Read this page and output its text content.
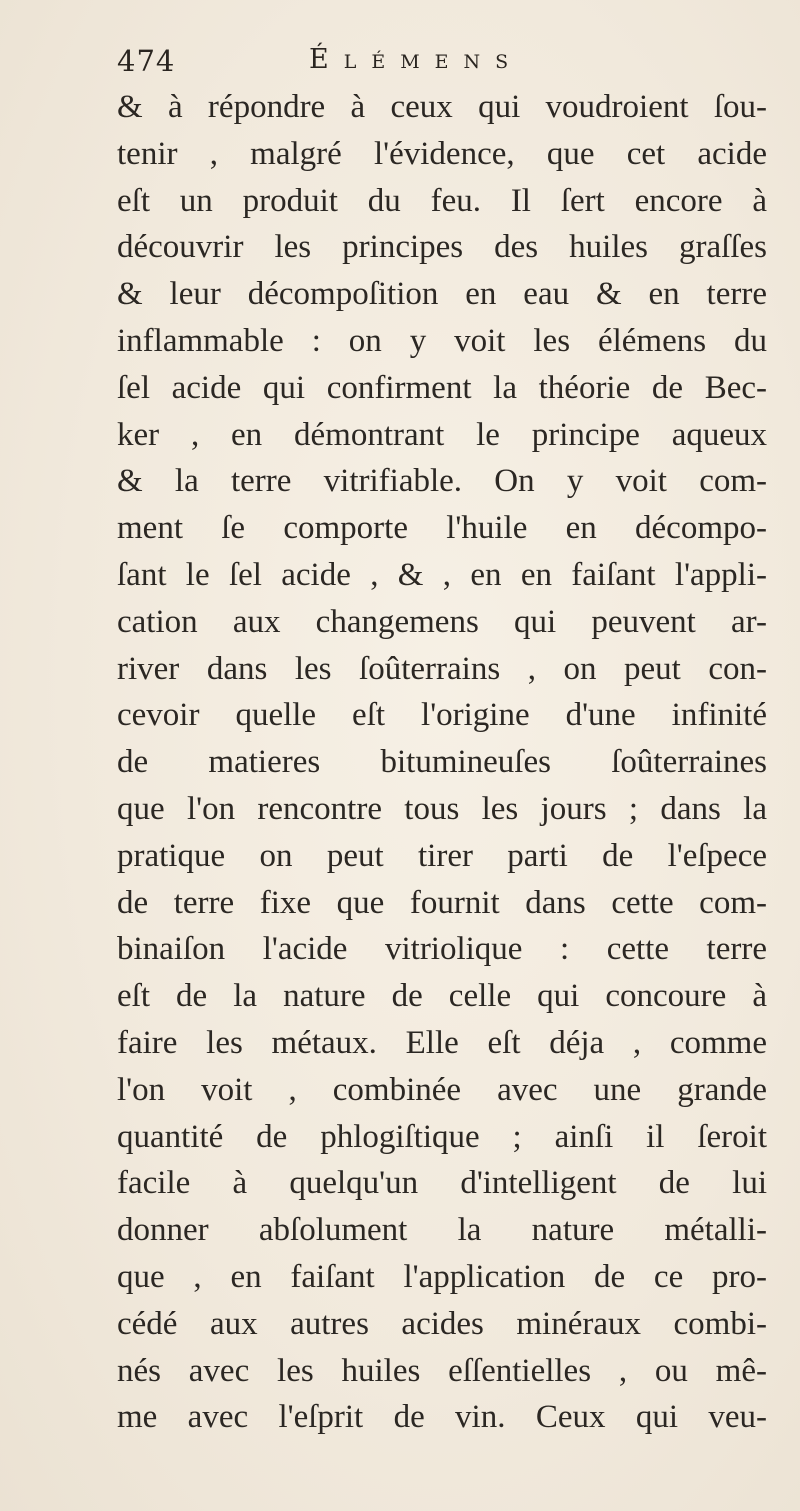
474	Élémens
& à répondre à ceux qui voudroient ſou-
tenir , malgré l'évidence, que cet acide
eſt un produit du feu. Il ſert encore à
découvrir les principes des huiles graſſes
& leur décompoſition en eau & en terre
inflammable : on y voit les élémens du
ſel acide qui confirment la théorie de Bec-
ker , en démontrant le principe aqueux
& la terre vitrifiable. On y voit com-
ment ſe comporte l'huile en décompo-
ſant le ſel acide , & , en en faiſant l'appli-
cation aux changemens qui peuvent ar-
river dans les ſoûterrains , on peut con-
cevoir quelle eſt l'origine d'une infinité
de matieres bitumineuſes ſoûterraines
que l'on rencontre tous les jours ; dans la
pratique on peut tirer parti de l'eſpece
de terre fixe que fournit dans cette com-
binaiſon l'acide vitriolique : cette terre
eſt de la nature de celle qui concoure à
faire les métaux. Elle eſt déja , comme
l'on voit , combinée avec une grande
quantité de phlogiſtique ; ainſi il ſeroit
facile à quelqu'un d'intelligent de lui
donner abſolument la nature métalli-
que , en faiſant l'application de ce pro-
cédé aux autres acides minéraux combi-
nés avec les huiles eſſentielles , ou mê-
me avec l'eſprit de vin. Ceux qui veu-
